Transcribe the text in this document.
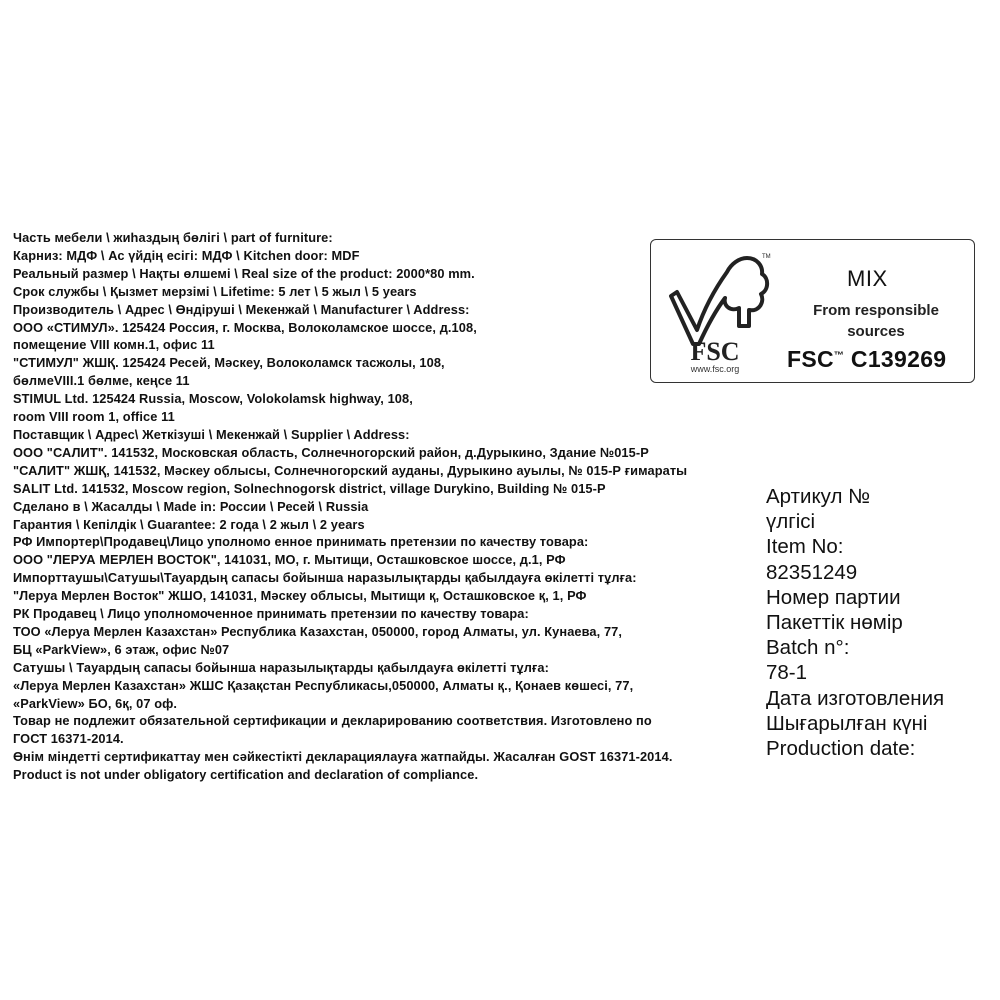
Часть мебели \ жиһаздың бөлігі \ part of furniture:
Карниз: МДФ \ Ас үйдің есігі: МДФ \ Kitchen door: MDF
Реальный размер \ Нақты өлшемі \ Real size of the product: 2000*80 mm.
Срок службы \ Қызмет мерзімі \ Lifetime: 5 лет \ 5 жыл \ 5 years
Производитель \ Адрес \ Өндіруші \ Мекенжай \ Manufacturer \ Address:
ООО «СТИМУЛ». 125424 Россия, г. Москва, Волоколамское шоссе, д.108,
помещение VIII комн.1, офис 11
"СТИМУЛ" ЖШҚ. 125424 Ресей, Мәскеу, Волоколамск тасжолы, 108,
бөлмеVIII.1 бөлме, кеңсе 11
STIMUL Ltd. 125424 Russia, Moscow, Volokolamsk highway, 108,
room VIII room 1, office 11
Поставщик \ Адрес\ Жеткізуші \ Мекенжай \ Supplier \ Address:
ООО "САЛИТ". 141532, Московская область, Солнечногорский район, д.Дурыкино, Здание №015-Р
"САЛИТ" ЖШҚ, 141532, Мәскеу облысы, Солнечногорский ауданы, Дурыкино ауылы, № 015-Р ғимараты
SALIT Ltd. 141532, Moscow region, Solnechnogorsk district, village Durykino, Building № 015-P
Сделано в \ Жасалды \ Made in: России \ Ресей \ Russia
Гарантия \ Кепілдік \ Guarantee: 2 года \ 2 жыл \ 2 years
РФ Импортер\Продавец\Лицо уполномо енное принимать претензии по качеству товара:
ООО "ЛЕРУА МЕРЛЕН ВОСТОК", 141031, МО, г. Мытищи, Осташковское шоссе, д.1, РФ
Импорттаушы\Сатушы\Тауардың сапасы бойынша наразылықтарды қабылдауға өкілетті тұлға:
"Леруа Мерлен Восток" ЖШО, 141031, Мәскеу облысы, Мытищи қ, Осташковское қ, 1, РФ
РК Продавец \ Лицо уполномоченное принимать претензии по качеству товара:
ТОО «Леруа Мерлен Казахстан» Республика Казахстан, 050000, город Алматы, ул. Кунаева, 77,
БЦ «ParkView», 6 этаж, офис №07
Сатушы \ Тауардың сапасы бойынша наразылықтарды қабылдауға өкілетті тұлға:
«Леруа Мерлен Казахстан» ЖШС Қазақстан Республикасы,050000, Алматы қ., Қонаев көшесі, 77,
«ParkView» БО, 6қ, 07 оф.
Товар не подлежит обязательной сертификации и декларированию соответствия. Изготовлено по
ГОСТ 16371-2014.
Өнім міндетті сертификаттау мен сәйкестікті декларациялауға жатпайды. Жасалған GOST 16371-2014.
Product is not under obligatory certification and declaration of compliance.
TM
FSC
www.fsc.org
MIX
From responsible
sources
FSC™ C139269
Артикул №
үлгісі
Item No:
82351249
Номер партии
Пакеттік нөмір
Batch n°:
78-1
Дата изготовления
Шығарылған күні
Production date:
